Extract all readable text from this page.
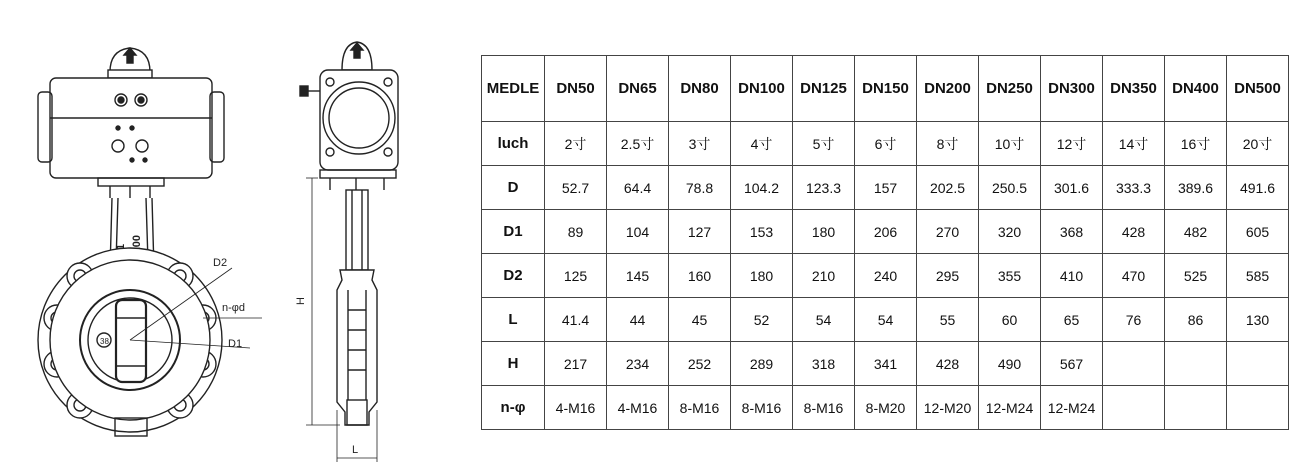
38
D2
n-φd
D1
H
L
MEDLE	DN50	DN65	DN80	DN100	DN125	DN150	DN200	DN250	DN300	DN350	DN400	DN500
luch	2寸	2.5寸	3寸	4寸	5寸	6寸	8寸	10寸	12寸	14寸	16寸	20寸
D	52.7	64.4	78.8	104.2	123.3	157	202.5	250.5	301.6	333.3	389.6	491.6
D1	89	104	127	153	180	206	270	320	368	428	482	605
D2	125	145	160	180	210	240	295	355	410	470	525	585
L	41.4	44	45	52	54	54	55	60	65	76	86	130
H	217	234	252	289	318	341	428	490	567			
n-φ	4-M16	4-M16	8-M16	8-M16	8-M16	8-M20	12-M20	12-M24	12-M24			
